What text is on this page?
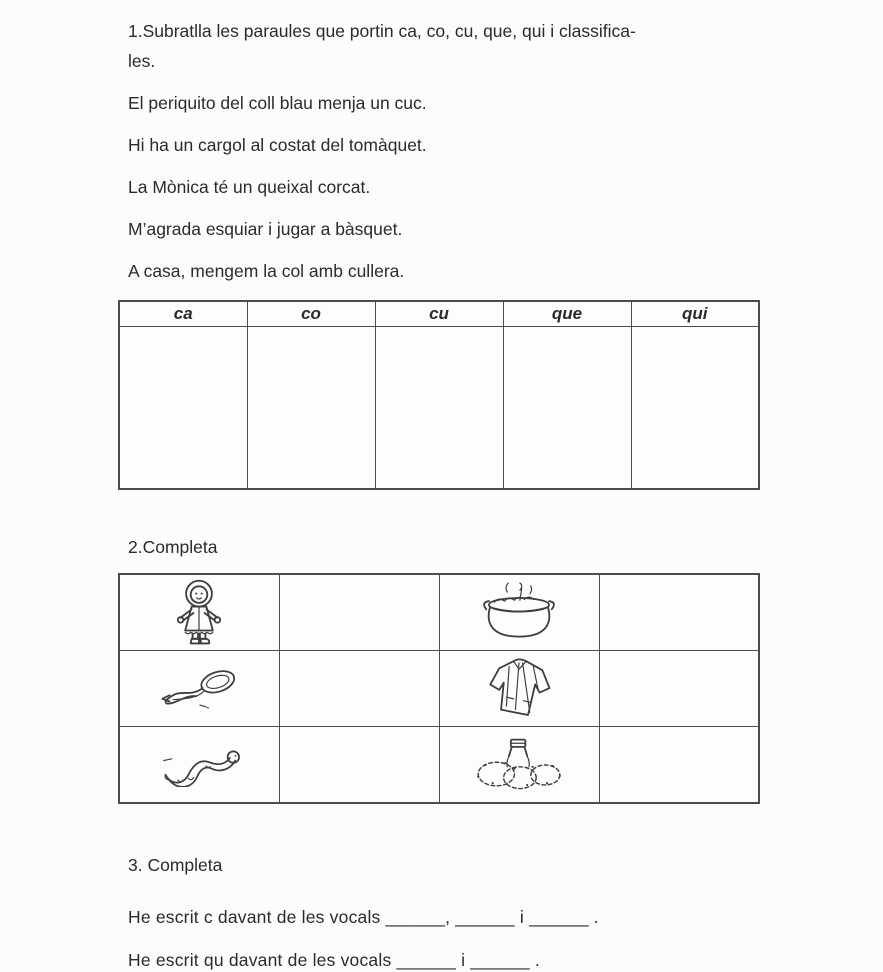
1.Subratlla les paraules que portin ca, co, cu, que, qui i classifica-
les.

El periquito del coll blau menja un cuc.

Hi ha un cargol al costat del tomàquet.

La Mònica té un queixal corcat.

M’agrada esquiar i jugar a bàsquet.

A casa, mengem la col amb cullera.

ca	co	cu	que	qui

2.Completa

3. Completa

He escrit c davant de les vocals ______, ______ i ______ .

He escrit qu davant de les vocals ______ i ______ .
